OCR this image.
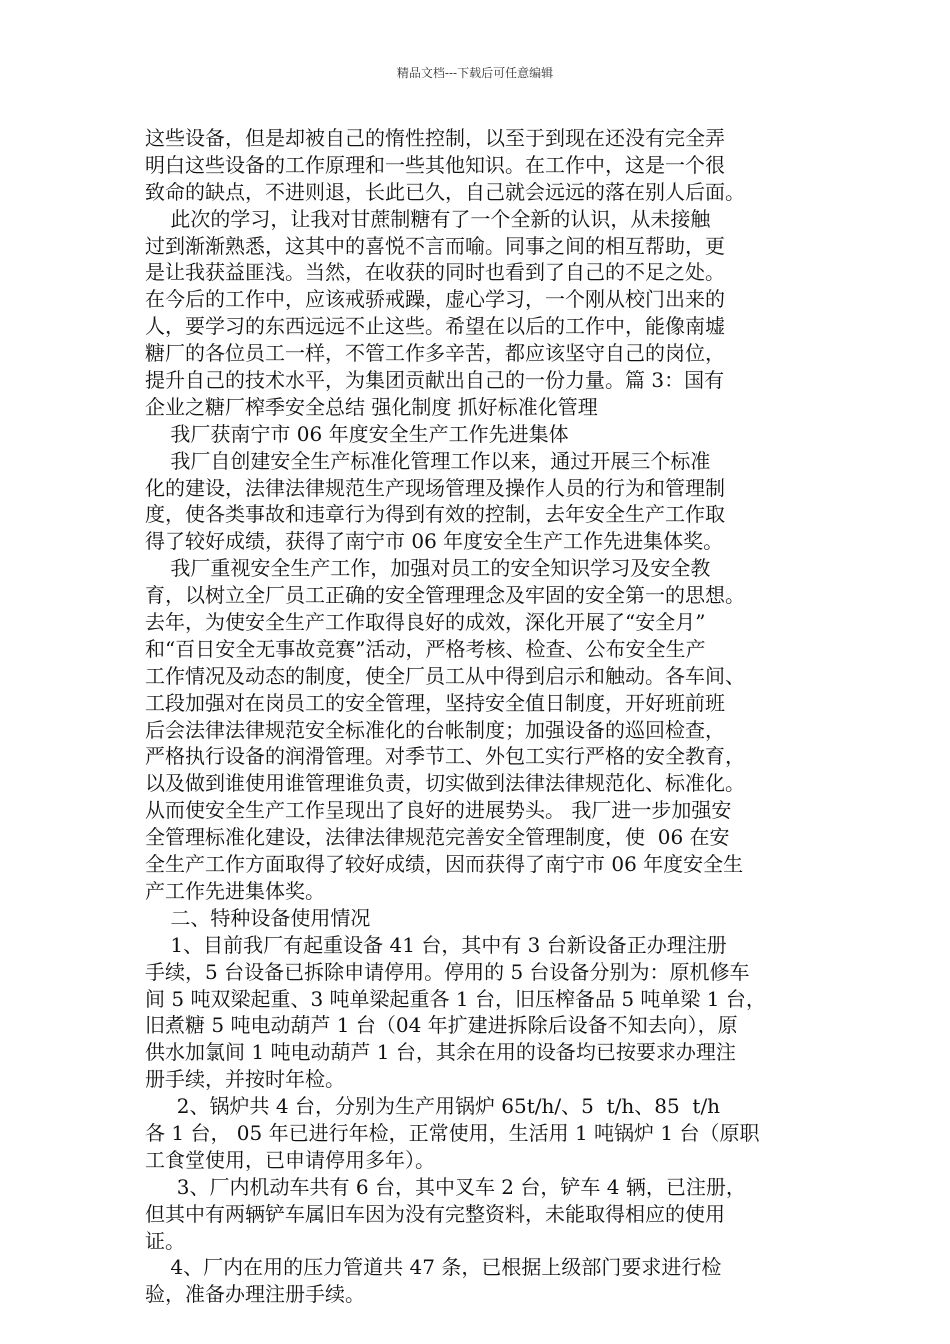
精品文档---下载后可任意编辑
这些设备，但是却被自己的惰性控制，以至于到现在还没有完全弄
明白这些设备的工作原理和一些其他知识。在工作中，这是一个很
致命的缺点，不进则退，长此已久，自己就会远远的落在别人后面。
此次的学习，让我对甘蔗制糖有了一个全新的认识，从未接触
过到渐渐熟悉，这其中的喜悦不言而喻。同事之间的相互帮助，更
是让我获益匪浅。当然，在收获的同时也看到了自己的不足之处。
在今后的工作中，应该戒骄戒躁，虚心学习，一个刚从校门出来的
人，要学习的东西远远不止这些。希望在以后的工作中，能像南墟
糖厂的各位员工一样，不管工作多辛苦，都应该坚守自己的岗位，
提升自己的技术水平，为集团贡献出自己的一份力量。篇 3：国有
企业之糖厂榨季安全总结 强化制度 抓好标准化管理
我厂获南宁市 06 年度安全生产工作先进集体
我厂自创建安全生产标准化管理工作以来，通过开展三个标准
化的建设，法律法律规范生产现场管理及操作人员的行为和管理制
度，使各类事故和违章行为得到有效的控制，去年安全生产工作取
得了较好成绩，获得了南宁市 06 年度安全生产工作先进集体奖。
我厂重视安全生产工作，加强对员工的安全知识学习及安全教
育，以树立全厂员工正确的安全管理理念及牢固的安全第一的思想。
去年，为使安全生产工作取得良好的成效，深化开展了“安全月”
和“百日安全无事故竞赛”活动，严格考核、检查、公布安全生产
工作情况及动态的制度，使全厂员工从中得到启示和触动。各车间、
工段加强对在岗员工的安全管理，坚持安全值日制度，开好班前班
后会法律法律规范安全标准化的台帐制度；加强设备的巡回检查，
严格执行设备的润滑管理。对季节工、外包工实行严格的安全教育，
以及做到谁使用谁管理谁负责，切实做到法律法律规范化、标准化。
从而使安全生产工作呈现出了良好的进展势头。 我厂进一步加强安
全管理标准化建设，法律法律规范完善安全管理制度，使  06 在安
全生产工作方面取得了较好成绩，因而获得了南宁市 06 年度安全生
产工作先进集体奖。
二、特种设备使用情况
1、目前我厂有起重设备 41 台，其中有 3 台新设备正办理注册
手续，5 台设备已拆除申请停用。停用的 5 台设备分别为：原机修车
间 5 吨双梁起重、3 吨单梁起重各 1 台，旧压榨备品 5 吨单梁 1 台，
旧煮糖 5 吨电动葫芦 1 台（04 年扩建进拆除后设备不知去向），原
供水加氯间 1 吨电动葫芦 1 台，其余在用的设备均已按要求办理注
册手续，并按时年检。
2、锅炉共 4 台，分别为生产用锅炉 65t/h/、5  t/h、85  t/h
各 1 台， 05 年已进行年检，正常使用，生活用 1 吨锅炉 1 台（原职
工食堂使用，已申请停用多年）。
3、厂内机动车共有 6 台，其中叉车 2 台，铲车 4 辆，已注册，
但其中有两辆铲车属旧车因为没有完整资料，未能取得相应的使用
证。
4、厂内在用的压力管道共 47 条，已根据上级部门要求进行检
验，准备办理注册手续。
